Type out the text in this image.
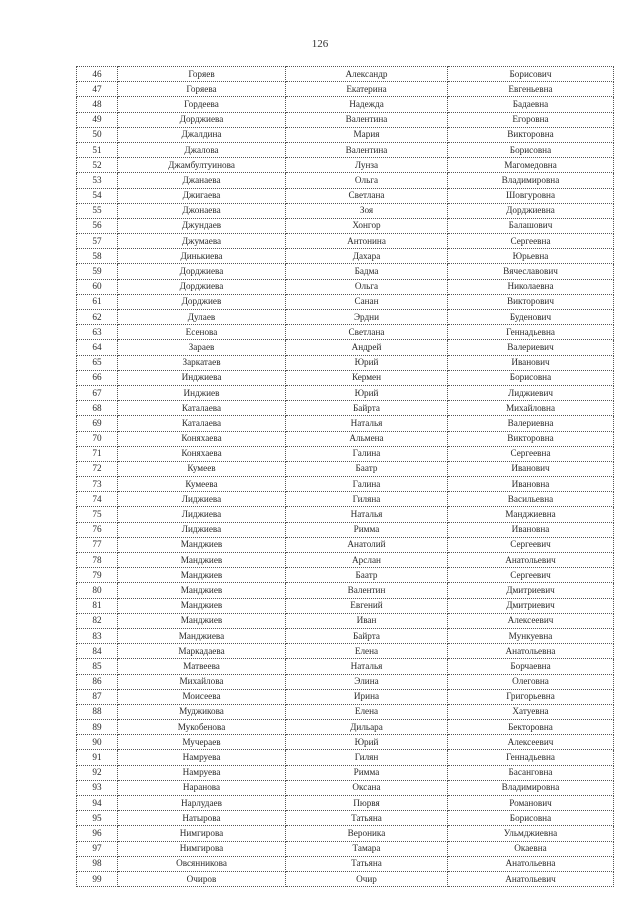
126
46	Горяев	Александр	Борисович
47	Горяева	Екатерина	Евгеньевна
48	Гордеева	Надежда	Бадаевна
49	Дорджиева	Валентина	Егоровна
50	Джалдина	Мария	Викторовна
51	Джалова	Валентина	Борисовна
52	Джамбултуинова	Лунза	Магомедовна
53	Джанаева	Ольга	Владимировна
54	Джигаева	Светлана	Шовгуровна
55	Джонаева	Зоя	Дорджиевна
56	Джундаев	Хонгор	Балашович
57	Джумаева	Антонина	Сергеевна
58	Динькиева	Дахара	Юрьевна
59	Дорджиева	Бадма	Вячеславович
60	Дорджиева	Ольга	Николаевна
61	Дорджиев	Санан	Викторович
62	Дулаев	Эрдни	Буденович
63	Есенова	Светлана	Геннадьевна
64	Зараев	Андрей	Валериевич
65	Заркатаев	Юрий	Иванович
66	Инджиева	Кермен	Борисовна
67	Инджиев	Юрий	Лиджиевич
68	Каталаева	Байрта	Михайловна
69	Каталаева	Наталья	Валериевна
70	Коняхаева	Альмена	Викторовна
71	Коняхаева	Галина	Сергеевна
72	Кумеев	Баатр	Иванович
73	Кумеева	Галина	Ивановна
74	Лиджиева	Гиляна	Васильевна
75	Лиджиева	Наталья	Манджиевна
76	Лиджиева	Римма	Ивановна
77	Манджиев	Анатолий	Сергеевич
78	Манджиев	Арслан	Анатольевич
79	Манджиев	Баатр	Сергеевич
80	Манджиев	Валентин	Дмитриевич
81	Манджиев	Евгений	Дмитриевич
82	Манджиев	Иван	Алексеевич
83	Манджиева	Байрта	Мункуевна
84	Маркадаева	Елена	Анатольевна
85	Матвеева	Наталья	Борчаевна
86	Михайлова	Элина	Олеговна
87	Моисеева	Ирина	Григорьевна
88	Муджикова	Елена	Хатуевна
89	Мукобенова	Дильара	Бекторовна
90	Мучераев	Юрий	Алексеевич
91	Намруева	Гилян	Геннадьевна
92	Намруева	Римма	Басанговна
93	Наранова	Оксана	Владимировна
94	Нарлудаев	Пюрвя	Романович
95	Натырова	Татьяна	Борисовна
96	Нимгирова	Вероника	Ульмджиевна
97	Нимгирова	Тамара	Окаевна
98	Овсянникова	Татьяна	Анатольевна
99	Очиров	Очир	Анатольевич
